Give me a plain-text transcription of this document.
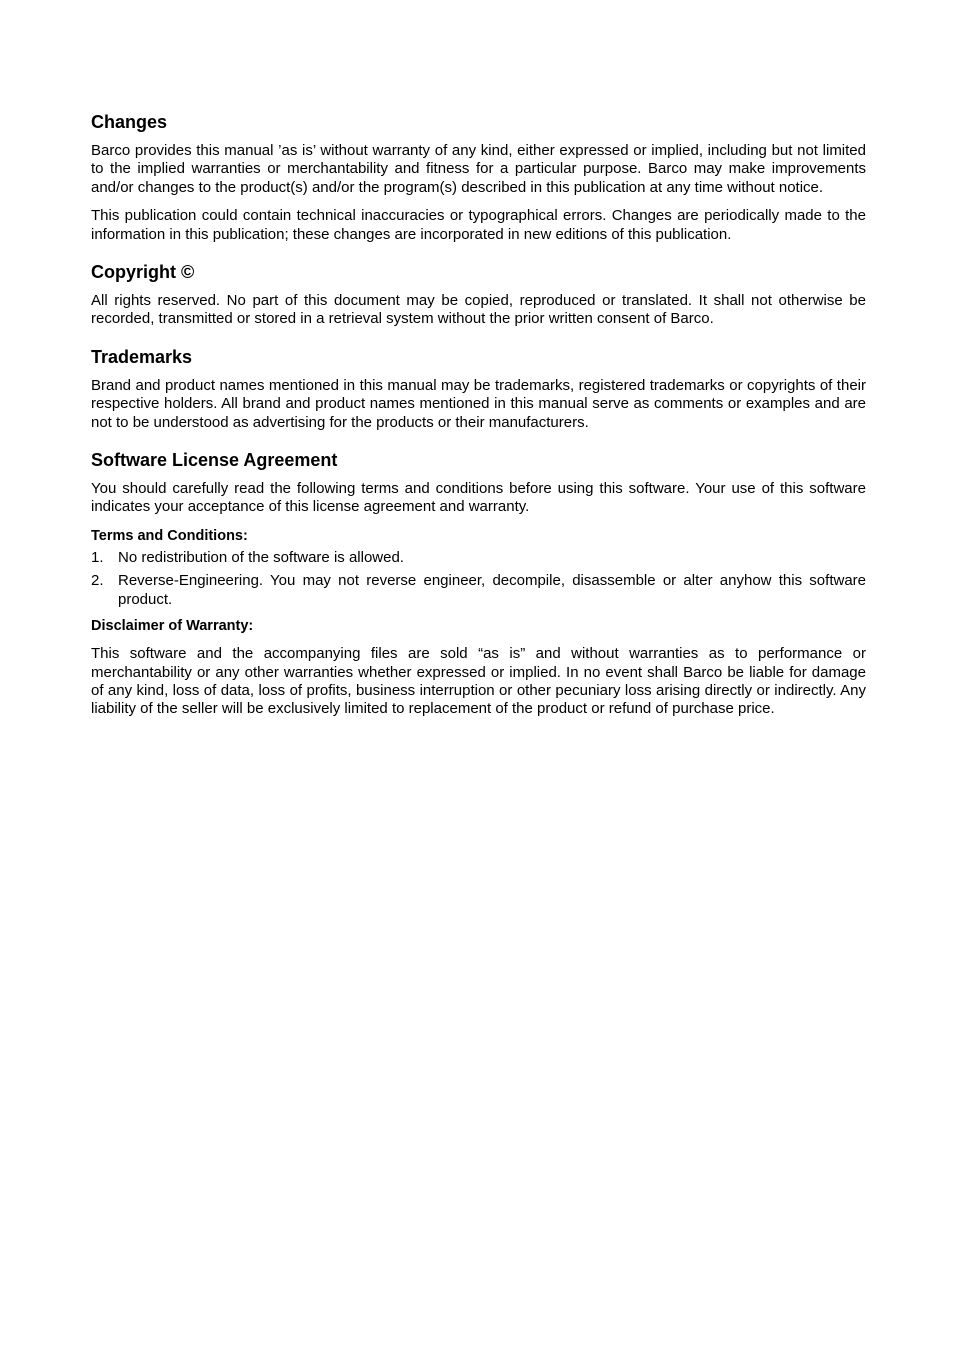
Changes

Barco provides this manual ’as is’ without warranty of any kind, either expressed or implied, including but not limited to the implied warranties or merchantability and fitness for a particular purpose. Barco may make improvements and/or changes to the product(s) and/or the program(s) described in this publication at any time without notice.

This publication could contain technical inaccuracies or typographical errors. Changes are periodically made to the information in this publication; these changes are incorporated in new editions of this publication.

Copyright ©

All rights reserved. No part of this document may be copied, reproduced or translated. It shall not otherwise be recorded, transmitted or stored in a retrieval system without the prior written consent of Barco.

Trademarks

Brand and product names mentioned in this manual may be trademarks, registered trademarks or copyrights of their respective holders. All brand and product names mentioned in this manual serve as comments or examples and are not to be understood as advertising for the products or their manufacturers.

Software License Agreement

You should carefully read the following terms and conditions before using this software. Your use of this software indicates your acceptance of this license agreement and warranty.

Terms and Conditions:
1. No redistribution of the software is allowed.
2. Reverse-Engineering. You may not reverse engineer, decompile, disassemble or alter anyhow this software product.
Disclaimer of Warranty:

This software and the accompanying files are sold “as is” and without warranties as to performance or merchantability or any other warranties whether expressed or implied. In no event shall Barco be liable for damage of any kind, loss of data, loss of profits, business interruption or other pecuniary loss arising directly or indirectly. Any liability of the seller will be exclusively limited to replacement of the product or refund of purchase price.
